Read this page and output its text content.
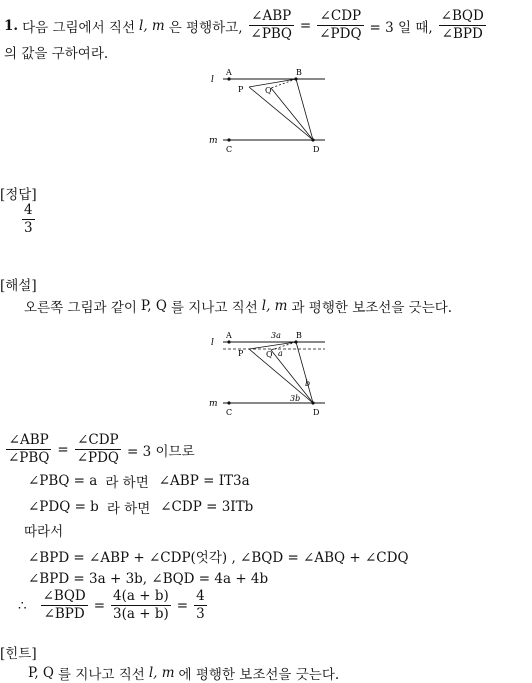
1. 다음 그림에서 직선 l, m 은 평행하고, $\frac{\text{∠ABP}}{\text{∠PBQ}} = \frac{\text{∠CDP}}{\text{∠PDQ}} = 3$ 일 때, $\frac{\text{∠BQD}}{\text{∠BPD}}$
의 값을 구하여라.
l
m
A	B
P	Q
C	D
[정답]
$\frac{4}{3}$
[해설]
오른쪽 그림과 같이 P, Q 를 지나고 직선 l, m 과 평행한 보조선을 긋는다.
l
m
A	B
3a
P	Q a
b
3b
C	D
$\frac{\text{∠ABP}}{\text{∠PBQ}} = \frac{\text{∠CDP}}{\text{∠PDQ}} = 3$ 이므로
∠PBQ = a 라 하면 ∠ABP = IT3a
∠PDQ = b 라 하면 ∠CDP = 3ITb
따라서
∠BPD = ∠ABP + ∠CDP(엇각) , ∠BQD = ∠ABQ + ∠CDQ
∠BPD = 3a + 3b, ∠BQD = 4a + 4b
∴ $\frac{\text{∠BQD}}{\text{∠BPD}} = \frac{4(a + b)}{3(a + b)} = \frac{4}{3}$
[힌트]
P, Q 를 지나고 직선 l, m 에 평행한 보조선을 긋는다.
